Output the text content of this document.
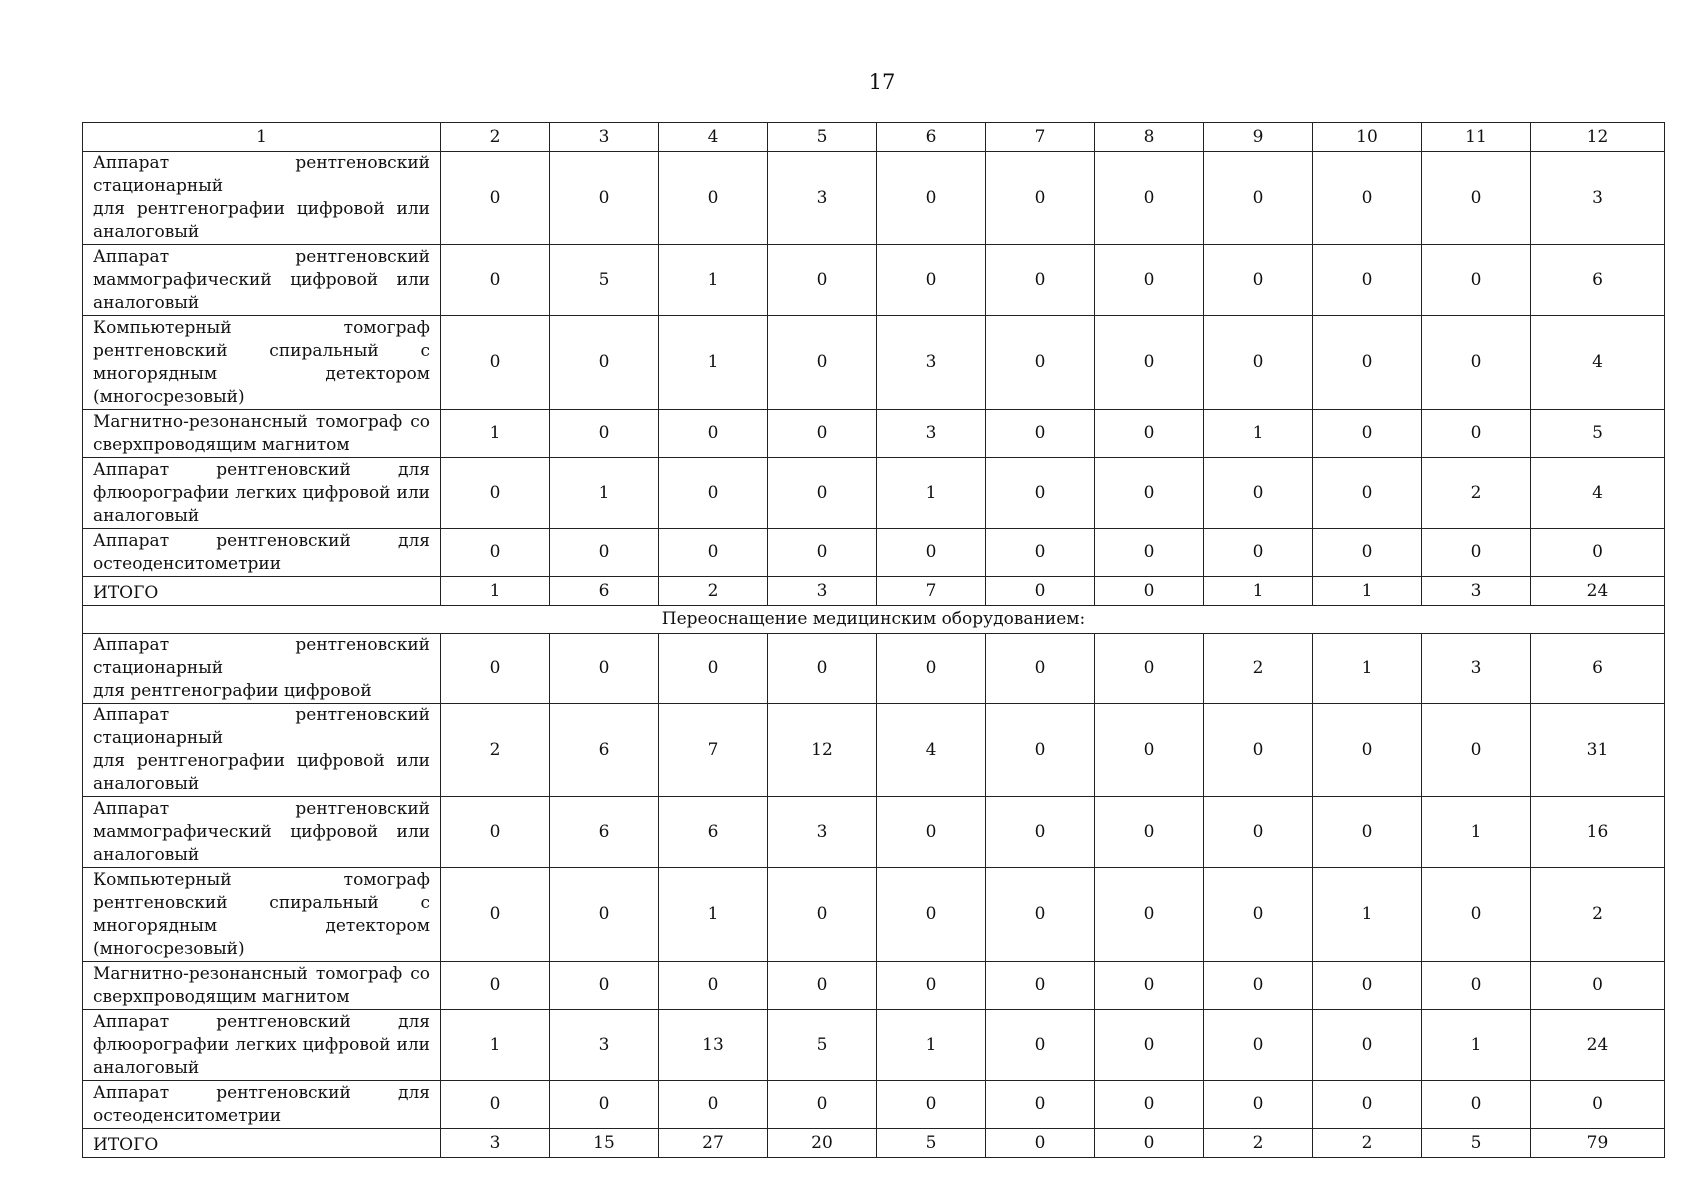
17
1	2	3	4	5	6	7	8	9	10	11	12

Аппарат рентгеновский стационарный
для рентгенографии цифровой или
аналоговый	0	0	0	3	0	0	0	0	0	0	3

Аппарат рентгеновский
маммографический цифровой или
аналоговый	0	5	1	0	0	0	0	0	0	0	6

Компьютерный томограф
рентгеновский спиральный с
многорядным детектором
(многосрезовый)	0	0	1	0	3	0	0	0	0	0	4

Магнитно-резонансный томограф со
сверхпроводящим магнитом	1	0	0	0	3	0	0	1	0	0	5

Аппарат рентгеновский для
флюорографии легких цифровой или
аналоговый	0	1	0	0	1	0	0	0	0	2	4

Аппарат рентгеновский для
остеоденситометрии	0	0	0	0	0	0	0	0	0	0	0
ИТОГО	1	6	2	3	7	0	0	1	1	3	24
Переоснащение медицинским оборудованием:											

Аппарат рентгеновский стационарный
для рентгенографии цифровой	0	0	0	0	0	0	0	2	1	3	6

Аппарат рентгеновский стационарный
для рентгенографии цифровой или
аналоговый	2	6	7	12	4	0	0	0	0	0	31

Аппарат рентгеновский
маммографический цифровой или
аналоговый	0	6	6	3	0	0	0	0	0	1	16

Компьютерный томограф
рентгеновский спиральный с
многорядным детектором
(многосрезовый)	0	0	1	0	0	0	0	0	1	0	2

Магнитно-резонансный томограф со
сверхпроводящим магнитом	0	0	0	0	0	0	0	0	0	0	0

Аппарат рентгеновский для
флюорографии легких цифровой или
аналоговый	1	3	13	5	1	0	0	0	0	1	24

Аппарат рентгеновский для
остеоденситометрии	0	0	0	0	0	0	0	0	0	0	0
ИТОГО	3	15	27	20	5	0	0	2	2	5	79
